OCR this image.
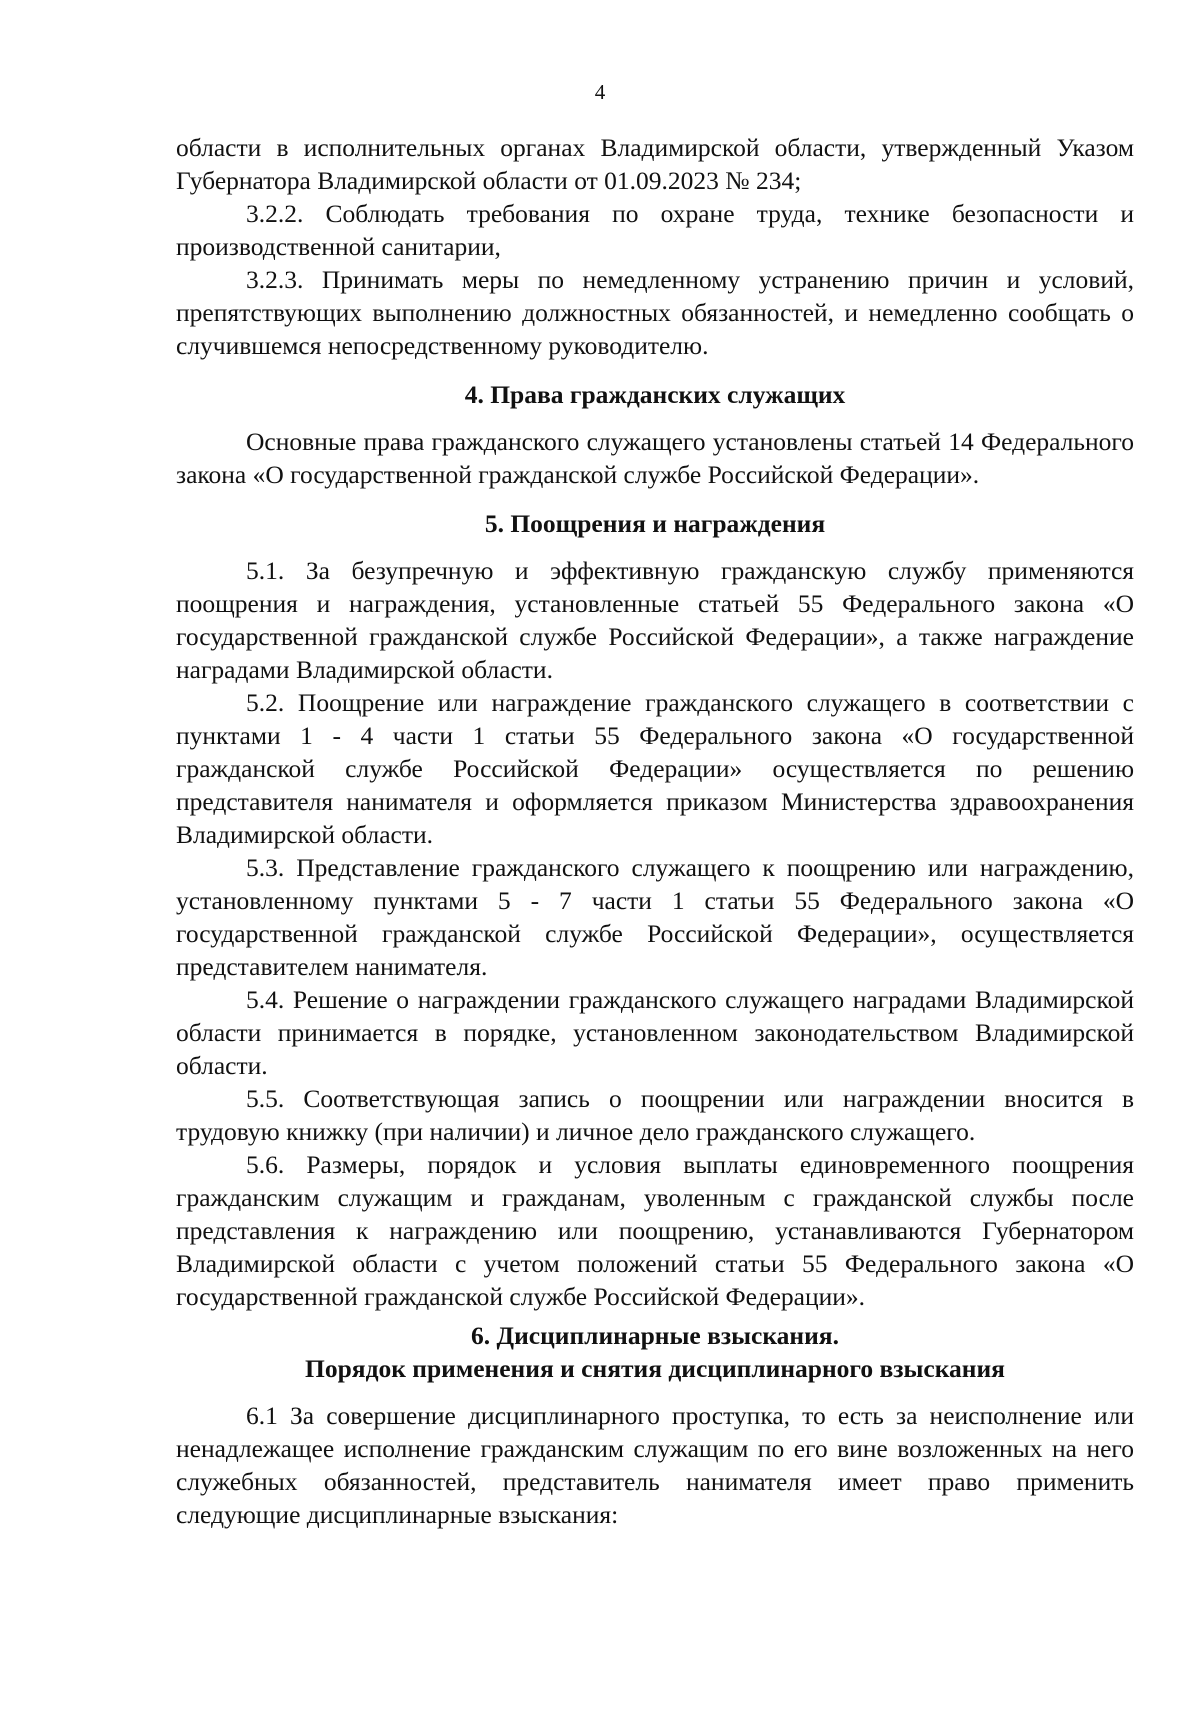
4

области в исполнительных органах Владимирской области, утвержденный Указом Губернатора Владимирской области от 01.09.2023 № 234;

3.2.2. Соблюдать требования по охране труда, технике безопасности и производственной санитарии,

3.2.3. Принимать меры по немедленному устранению причин и условий, препятствующих выполнению должностных обязанностей, и немедленно сообщать о случившемся непосредственному руководителю.

4. Права гражданских служащих

Основные права гражданского служащего установлены статьей 14 Федерального закона «О государственной гражданской службе Российской Федерации».

5. Поощрения и награждения

5.1. За безупречную и эффективную гражданскую службу применяются поощрения и награждения, установленные статьей 55 Федерального закона «О государственной гражданской службе Российской Федерации», а также награждение наградами Владимирской области.

5.2. Поощрение или награждение гражданского служащего в соответствии с пунктами 1 - 4 части 1 статьи 55 Федерального закона «О государственной гражданской службе Российской Федерации» осуществляется по решению представителя нанимателя и оформляется приказом Министерства здравоохранения Владимирской области.

5.3. Представление гражданского служащего к поощрению или награждению, установленному пунктами 5 - 7 части 1 статьи 55 Федерального закона «О государственной гражданской службе Российской Федерации», осуществляется представителем нанимателя.

5.4. Решение о награждении гражданского служащего наградами Владимирской области принимается в порядке, установленном законодательством Владимирской области.

5.5. Соответствующая запись о поощрении или награждении вносится в трудовую книжку (при наличии) и личное дело гражданского служащего.

5.6. Размеры, порядок и условия выплаты единовременного поощрения гражданским служащим и гражданам, уволенным с гражданской службы после представления к награждению или поощрению, устанавливаются Губернатором Владимирской области с учетом положений статьи 55 Федерального закона «О государственной гражданской службе Российской Федерации».

6. Дисциплинарные взыскания.
Порядок применения и снятия дисциплинарного взыскания

6.1 За совершение дисциплинарного проступка, то есть за неисполнение или ненадлежащее исполнение гражданским служащим по его вине возложенных на него служебных обязанностей, представитель нанимателя имеет право применить следующие дисциплинарные взыскания:
